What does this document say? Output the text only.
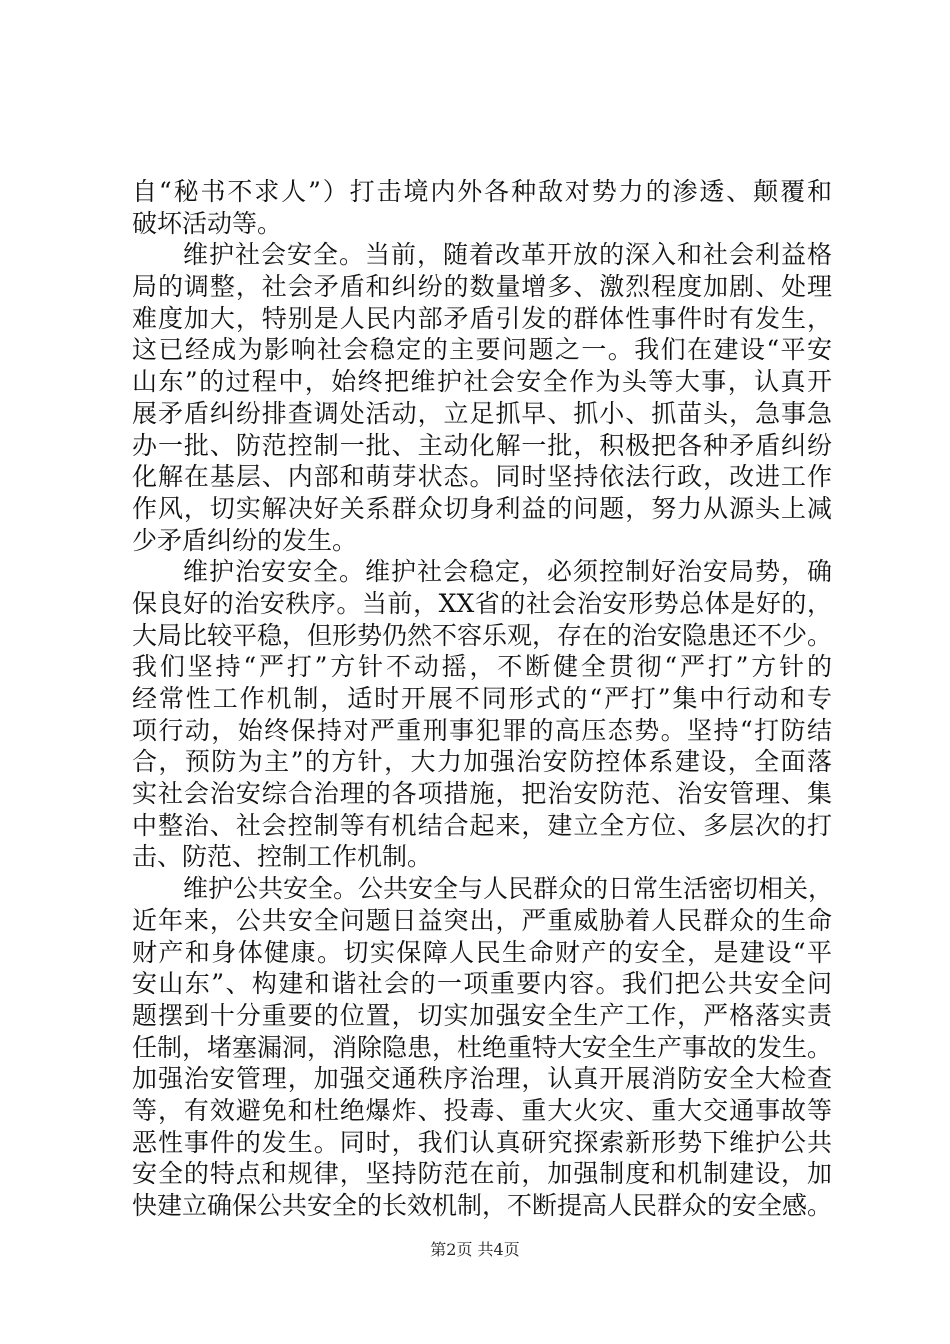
自“秘书不求人”）打击境内外各种敌对势力的渗透、颠覆和
破坏活动等。
维护社会安全。当前，随着改革开放的深入和社会利益格
局的调整，社会矛盾和纠纷的数量增多、激烈程度加剧、处理
难度加大，特别是人民内部矛盾引发的群体性事件时有发生，
这已经成为影响社会稳定的主要问题之一。我们在建设“平安
山东”的过程中，始终把维护社会安全作为头等大事，认真开
展矛盾纠纷排查调处活动，立足抓早、抓小、抓苗头，急事急
办一批、防范控制一批、主动化解一批，积极把各种矛盾纠纷
化解在基层、内部和萌芽状态。同时坚持依法行政，改进工作
作风，切实解决好关系群众切身利益的问题，努力从源头上减
少矛盾纠纷的发生。
维护治安安全。维护社会稳定，必须控制好治安局势，确
保良好的治安秩序。当前，XX省的社会治安形势总体是好的，
大局比较平稳，但形势仍然不容乐观，存在的治安隐患还不少。
我们坚持“严打”方针不动摇，不断健全贯彻“严打”方针的
经常性工作机制，适时开展不同形式的“严打”集中行动和专
项行动，始终保持对严重刑事犯罪的高压态势。坚持“打防结
合，预防为主”的方针，大力加强治安防控体系建设，全面落
实社会治安综合治理的各项措施，把治安防范、治安管理、集
中整治、社会控制等有机结合起来，建立全方位、多层次的打
击、防范、控制工作机制。
维护公共安全。公共安全与人民群众的日常生活密切相关，
近年来，公共安全问题日益突出，严重威胁着人民群众的生命
财产和身体健康。切实保障人民生命财产的安全，是建设“平
安山东”、构建和谐社会的一项重要内容。我们把公共安全问
题摆到十分重要的位置，切实加强安全生产工作，严格落实责
任制，堵塞漏洞，消除隐患，杜绝重特大安全生产事故的发生。
加强治安管理，加强交通秩序治理，认真开展消防安全大检查
等，有效避免和杜绝爆炸、投毒、重大火灾、重大交通事故等
恶性事件的发生。同时，我们认真研究探索新形势下维护公共
安全的特点和规律，坚持防范在前，加强制度和机制建设，加
快建立确保公共安全的长效机制，不断提高人民群众的安全感。
第2页 共4页
